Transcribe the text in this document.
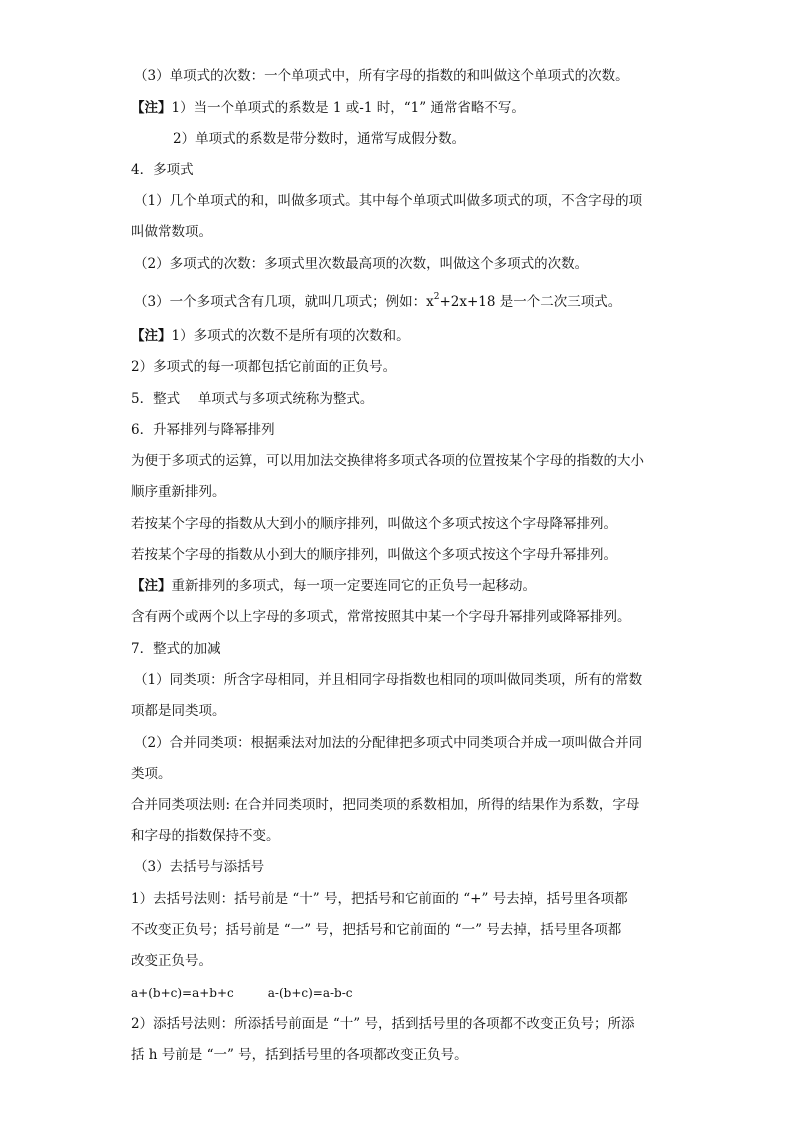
（3）单项式的次数：一个单项式中，所有字母的指数的和叫做这个单项式的次数。
【注】1）当一个单项式的系数是 1 或-1 时，“1” 通常省略不写。
2）单项式的系数是带分数时，通常写成假分数。
4．多项式
（1）几个单项式的和，叫做多项式。其中每个单项式叫做多项式的项，不含字母的项
叫做常数项。
（2）多项式的次数：多项式里次数最高项的次数，叫做这个多项式的次数。
（3）一个多项式含有几项，就叫几项式；例如：$x^2+2x+18$ 是一个二次三项式。
【注】1）多项式的次数不是所有项的次数和。
2）多项式的每一项都包括它前面的正负号。
5．整式　 单项式与多项式统称为整式。
6．升幂排列与降幂排列
为便于多项式的运算，可以用加法交换律将多项式各项的位置按某个字母的指数的大小
顺序重新排列。
若按某个字母的指数从大到小的顺序排列，叫做这个多项式按这个字母降幂排列。
若按某个字母的指数从小到大的顺序排列，叫做这个多项式按这个字母升幂排列。
【注】重新排列的多项式，每一项一定要连同它的正负号一起移动。
含有两个或两个以上字母的多项式，常常按照其中某一个字母升幂排列或降幂排列。
7．整式的加减
（1）同类项：所含字母相同，并且相同字母指数也相同的项叫做同类项，所有的常数
项都是同类项。
（2）合并同类项：根据乘法对加法的分配律把多项式中同类项合并成一项叫做合并同
类项。
合并同类项法则: 在合并同类项时，把同类项的系数相加，所得的结果作为系数，字母
和字母的指数保持不变。
（3）去括号与添括号
1）去括号法则：括号前是 “十” 号，把括号和它前面的 “+” 号去掉，括号里各项都
不改变正负号；括号前是 “一” 号，把括号和它前面的 “一” 号去掉，括号里各项都
改变正负号。
a+(b+c)=a+b+c	a-(b+c)=a-b-c
2）添括号法则：所添括号前面是 “十” 号，括到括号里的各项都不改变正负号；所添
括 h 号前是 “一” 号，括到括号里的各项都改变正负号。
